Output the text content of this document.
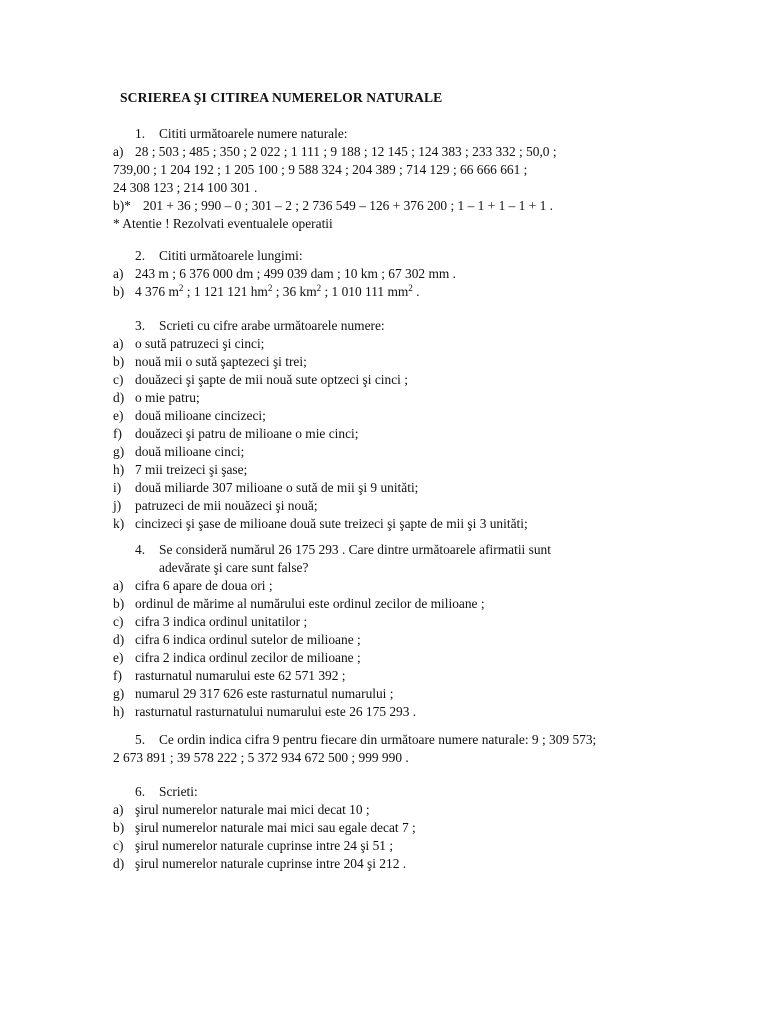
SCRIEREA ŞI CITIREA NUMERELOR NATURALE
1. Cititi următoarele numere naturale:
a) 28 ; 503 ; 485 ; 350 ; 2 022 ; 1 111 ; 9 188 ; 12 145 ; 124 383 ; 233 332 ; 50,0 ;
739,00 ; 1 204 192 ; 1 205 100 ; 9 588 324 ; 204 389 ; 714 129 ; 66 666 661 ;
24 308 123 ; 214 100 301 .
b)* 201 + 36 ; 990 – 0 ; 301 – 2 ; 2 736 549 – 126 + 376 200 ; 1 – 1 + 1 – 1 + 1 .
* Atentie ! Rezolvati eventualele operatii
2. Cititi următoarele lungimi:
a) 243 m ; 6 376 000 dm ; 499 039 dam ; 10 km ; 67 302 mm .
b) 4 376 $m^2$ ; 1 121 121 $hm^2$ ; 36 $km^2$ ; 1 010 111 $mm^2$ .
3. Scrieti cu cifre arabe următoarele numere:
a) o sută patruzeci şi cinci;
b) nouă mii o sută şaptezeci şi trei;
c) douăzeci şi şapte de mii nouă sute optzeci şi cinci ;
d) o mie patru;
e) două milioane cincizeci;
f) douăzeci şi patru de milioane o mie cinci;
g) două milioane cinci;
h) 7 mii treizeci şi şase;
i)	două miliarde 307 milioane o sută de mii şi 9 unităti;
j)	patruzeci de mii nouăzeci şi nouă;
k) cincizeci şi şase de milioane două sute treizeci şi şapte de mii şi 3 unităti;
4. Se consideră numărul 26 175 293 . Care dintre următoarele afirmatii sunt
adevărate şi care sunt false?
a) cifra 6 apare de doua ori ;
b) ordinul de mărime al numărului este ordinul zecilor de milioane ;
c) cifra 3 indica ordinul unitatilor ;
d) cifra 6 indica ordinul sutelor de milioane ;
e) cifra 2 indica ordinul zecilor de milioane ;
f) rasturnatul numarului este 62 571 392 ;
g) numarul 29 317 626 este rasturnatul numarului ;
h) rasturnatul rasturnatului numarului este 26 175 293 .
5. Ce ordin indica cifra 9 pentru fiecare din următoare numere naturale: 9 ; 309 573;
2 673 891 ; 39 578 222 ; 5 372 934 672 500 ; 999 990 .
6. Scrieti:
a) şirul numerelor naturale mai mici decat 10 ;
b) şirul numerelor naturale mai mici sau egale decat 7 ;
c) şirul numerelor naturale cuprinse intre 24 şi 51 ;
d) şirul numerelor naturale cuprinse intre 204 şi 212 .
